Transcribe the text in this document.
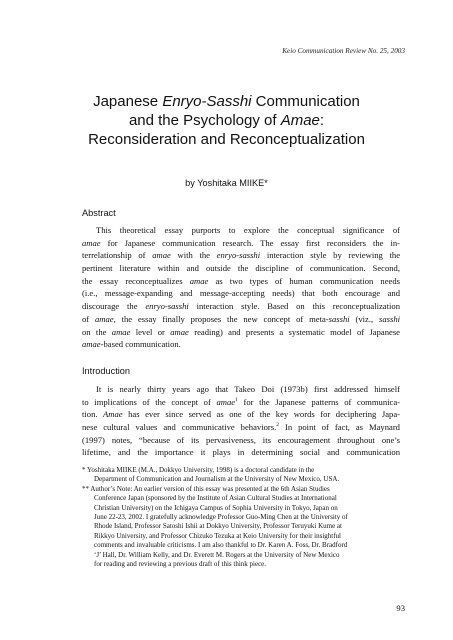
Keio Communication Review No. 25, 2003
Japanese Enryo-Sasshi Communication
and the Psychology of Amae:
Reconsideration and Reconceptualization
by Yoshitaka MIIKE*
Abstract
This theoretical essay purports to explore the conceptual significance of
amae for Japanese communication research. The essay first reconsiders the in-
terrelationship of amae with the enryo-sasshi interaction style by reviewing the
pertinent literature within and outside the discipline of communication. Second,
the essay reconceptualizes amae as two types of human communication needs
(i.e., message-expanding and message-accepting needs) that both encourage and
discourage the enryo-sasshi interaction style. Based on this reconceptualization
of amae, the essay finally proposes the new concept of meta-sasshi (viz., sasshi
on the amae level or amae reading) and presents a systematic model of Japanese
amae-based communication.
Introduction
It is nearly thirty years ago that Takeo Doi (1973b) first addressed himself
to implications of the concept of amae$^1$ for the Japanese patterns of communica-
tion. Amae has ever since served as one of the key words for deciphering Japa-
nese cultural values and communicative behaviors.$^2$ In point of fact, as Maynard
(1997) notes, “because of its pervasiveness, its encouragement throughout one’s
lifetime, and the importance it plays in determining social and communication
* Yoshitaka MIIKE (M.A., Dokkyo University, 1998) is a doctoral candidate in the
Department of Communication and Journalism at the University of New Mexico, USA.
** Author’s Note: An earlier version of this essay was presented at the 6th Asian Studies
Conference Japan (sponsored by the Institute of Asian Cultural Studies at International
Christian University) on the Ichigaya Campus of Sophia University in Tokyo, Japan on
June 22-23, 2002. I gratefully acknowledge Professor Guo-Ming Chen at the University of
Rhode Island, Professor Satoshi Ishii at Dokkyo University, Professor Teruyuki Kume at
Rikkyo University, and Professor Chizuko Tezuka at Keio University for their insightful
comments and invaluable criticisms. I am also thankful to Dr. Karen A. Foss, Dr. Bradford
‘J’ Hall, Dr. William Kelly, and Dr. Everett M. Rogers at the University of New Mexico
for reading and reviewing a previous draft of this think piece.
93
